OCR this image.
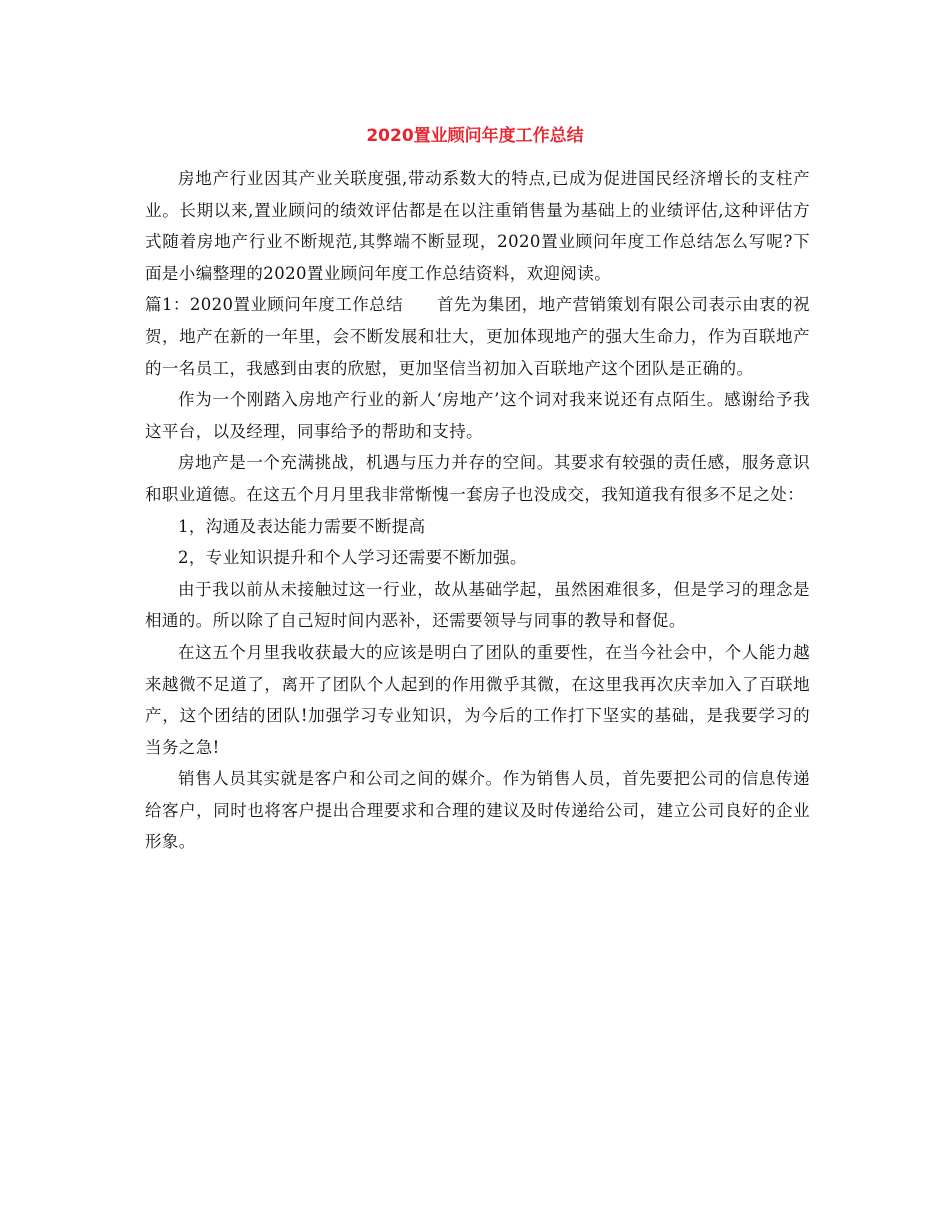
2020置业顾问年度工作总结

房地产行业因其产业关联度强,带动系数大的特点,已成为促进国民经济增长的支柱产业。长期以来,置业顾问的绩效评估都是在以注重销售量为基础上的业绩评估,这种评估方式随着房地产行业不断规范,其弊端不断显现，2020置业顾问年度工作总结怎么写呢?下面是小编整理的2020置业顾问年度工作总结资料，欢迎阅读。

篇1：2020置业顾问年度工作总结　　首先为集团，地产营销策划有限公司表示由衷的祝贺，地产在新的一年里，会不断发展和壮大，更加体现地产的强大生命力，作为百联地产的一名员工，我感到由衷的欣慰，更加坚信当初加入百联地产这个团队是正确的。

作为一个刚踏入房地产行业的新人‘房地产’这个词对我来说还有点陌生。感谢给予我这平台，以及经理，同事给予的帮助和支持。

房地产是一个充满挑战，机遇与压力并存的空间。其要求有较强的责任感，服务意识和职业道德。在这五个月月里我非常惭愧一套房子也没成交，我知道我有很多不足之处：

1，沟通及表达能力需要不断提高

2，专业知识提升和个人学习还需要不断加强。

由于我以前从未接触过这一行业，故从基础学起，虽然困难很多，但是学习的理念是相通的。所以除了自己短时间内恶补，还需要领导与同事的教导和督促。

在这五个月里我收获最大的应该是明白了团队的重要性，在当今社会中，个人能力越来越微不足道了，离开了团队个人起到的作用微乎其微，在这里我再次庆幸加入了百联地产，这个团结的团队!加强学习专业知识，为今后的工作打下坚实的基础，是我要学习的当务之急!

销售人员其实就是客户和公司之间的媒介。作为销售人员，首先要把公司的信息传递给客户，同时也将客户提出合理要求和合理的建议及时传递给公司，建立公司良好的企业形象。
